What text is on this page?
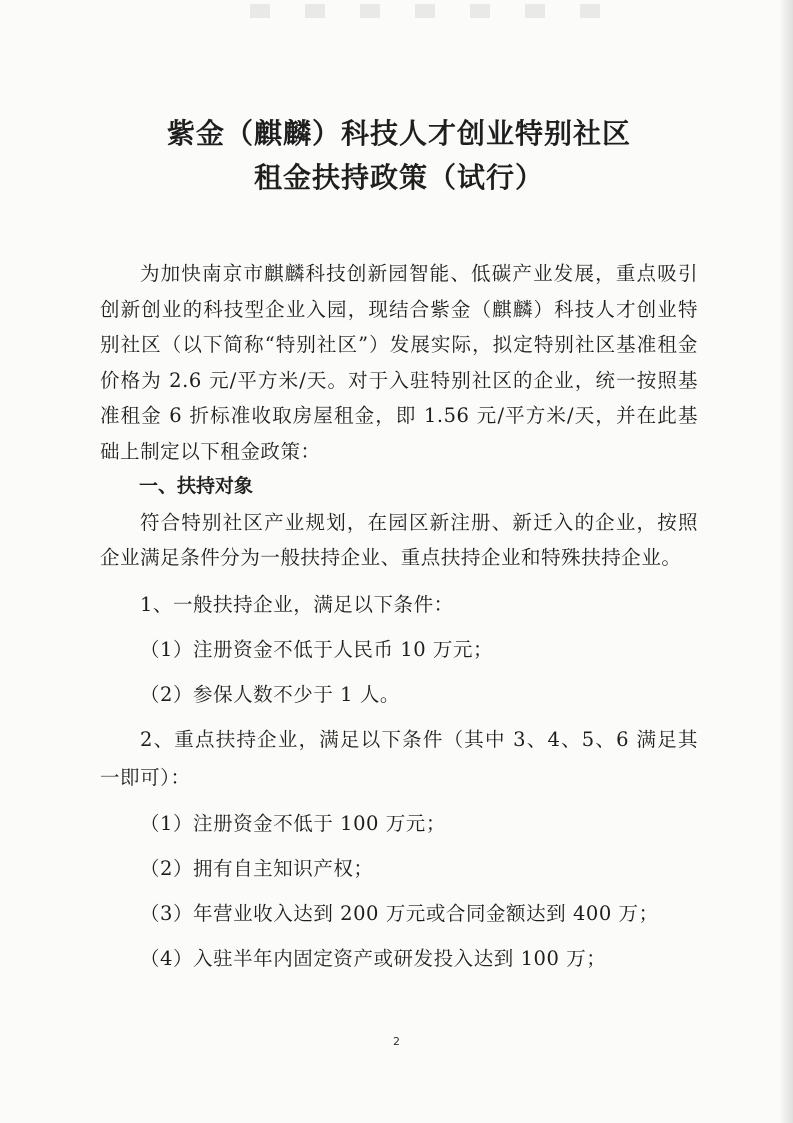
紫金（麒麟）科技人才创业特别社区
租金扶持政策（试行）

为加快南京市麒麟科技创新园智能、低碳产业发展，重点吸引创新创业的科技型企业入园，现结合紫金（麒麟）科技人才创业特别社区（以下简称“特别社区”）发展实际，拟定特别社区基准租金价格为 2.6 元/平方米/天。对于入驻特别社区的企业，统一按照基准租金 6 折标准收取房屋租金，即 1.56 元/平方米/天，并在此基础上制定以下租金政策：

一、扶持对象

符合特别社区产业规划，在园区新注册、新迁入的企业，按照企业满足条件分为一般扶持企业、重点扶持企业和特殊扶持企业。

1、一般扶持企业，满足以下条件：

（1）注册资金不低于人民币 10 万元；

（2）参保人数不少于 1 人。

2、重点扶持企业，满足以下条件（其中 3、4、5、6 满足其一即可）：

（1）注册资金不低于 100 万元；

（2）拥有自主知识产权；

（3）年营业收入达到 200 万元或合同金额达到 400 万；

（4）入驻半年内固定资产或研发投入达到 100 万；

2
